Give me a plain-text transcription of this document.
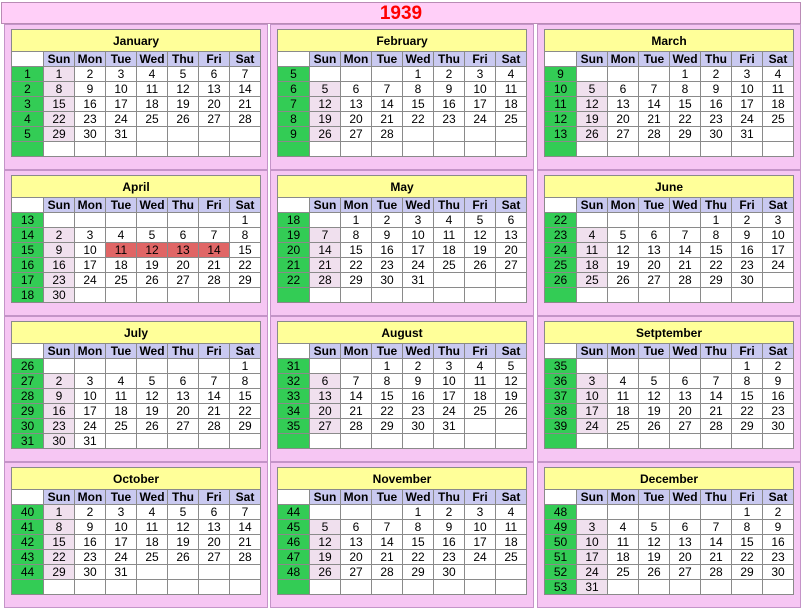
1939
January							
	Sun	Mon	Tue	Wed	Thu	Fri	Sat
1	1	2	3	4	5	6	7
2	8	9	10	11	12	13	14
3	15	16	17	18	19	20	21
4	22	23	24	25	26	27	28
5	29	30	31				

February							
	Sun	Mon	Tue	Wed	Thu	Fri	Sat
5				1	2	3	4
6	5	6	7	8	9	10	11
7	12	13	14	15	16	17	18
8	19	20	21	22	23	24	25
9	26	27	28				

March							
	Sun	Mon	Tue	Wed	Thu	Fri	Sat
9				1	2	3	4
10	5	6	7	8	9	10	11
11	12	13	14	15	16	17	18
12	19	20	21	22	23	24	25
13	26	27	28	29	30	31	

April							
	Sun	Mon	Tue	Wed	Thu	Fri	Sat
13							1
14	2	3	4	5	6	7	8
15	9	10	11	12	13	14	15
16	16	17	18	19	20	21	22
17	23	24	25	26	27	28	29
18	30						
May							
	Sun	Mon	Tue	Wed	Thu	Fri	Sat
18		1	2	3	4	5	6
19	7	8	9	10	11	12	13
20	14	15	16	17	18	19	20
21	21	22	23	24	25	26	27
22	28	29	30	31			

June							
	Sun	Mon	Tue	Wed	Thu	Fri	Sat
22					1	2	3
23	4	5	6	7	8	9	10
24	11	12	13	14	15	16	17
25	18	19	20	21	22	23	24
26	25	26	27	28	29	30	

July							
	Sun	Mon	Tue	Wed	Thu	Fri	Sat
26							1
27	2	3	4	5	6	7	8
28	9	10	11	12	13	14	15
29	16	17	18	19	20	21	22
30	23	24	25	26	27	28	29
31	30	31					
August							
	Sun	Mon	Tue	Wed	Thu	Fri	Sat
31			1	2	3	4	5
32	6	7	8	9	10	11	12
33	13	14	15	16	17	18	19
34	20	21	22	23	24	25	26
35	27	28	29	30	31		

Setptember							
	Sun	Mon	Tue	Wed	Thu	Fri	Sat
35						1	2
36	3	4	5	6	7	8	9
37	10	11	12	13	14	15	16
38	17	18	19	20	21	22	23
39	24	25	26	27	28	29	30

October							
	Sun	Mon	Tue	Wed	Thu	Fri	Sat
40	1	2	3	4	5	6	7
41	8	9	10	11	12	13	14
42	15	16	17	18	19	20	21
43	22	23	24	25	26	27	28
44	29	30	31				

November							
	Sun	Mon	Tue	Wed	Thu	Fri	Sat
44				1	2	3	4
45	5	6	7	8	9	10	11
46	12	13	14	15	16	17	18
47	19	20	21	22	23	24	25
48	26	27	28	29	30		

December							
	Sun	Mon	Tue	Wed	Thu	Fri	Sat
48						1	2
49	3	4	5	6	7	8	9
50	10	11	12	13	14	15	16
51	17	18	19	20	21	22	23
52	24	25	26	27	28	29	30
53	31						
